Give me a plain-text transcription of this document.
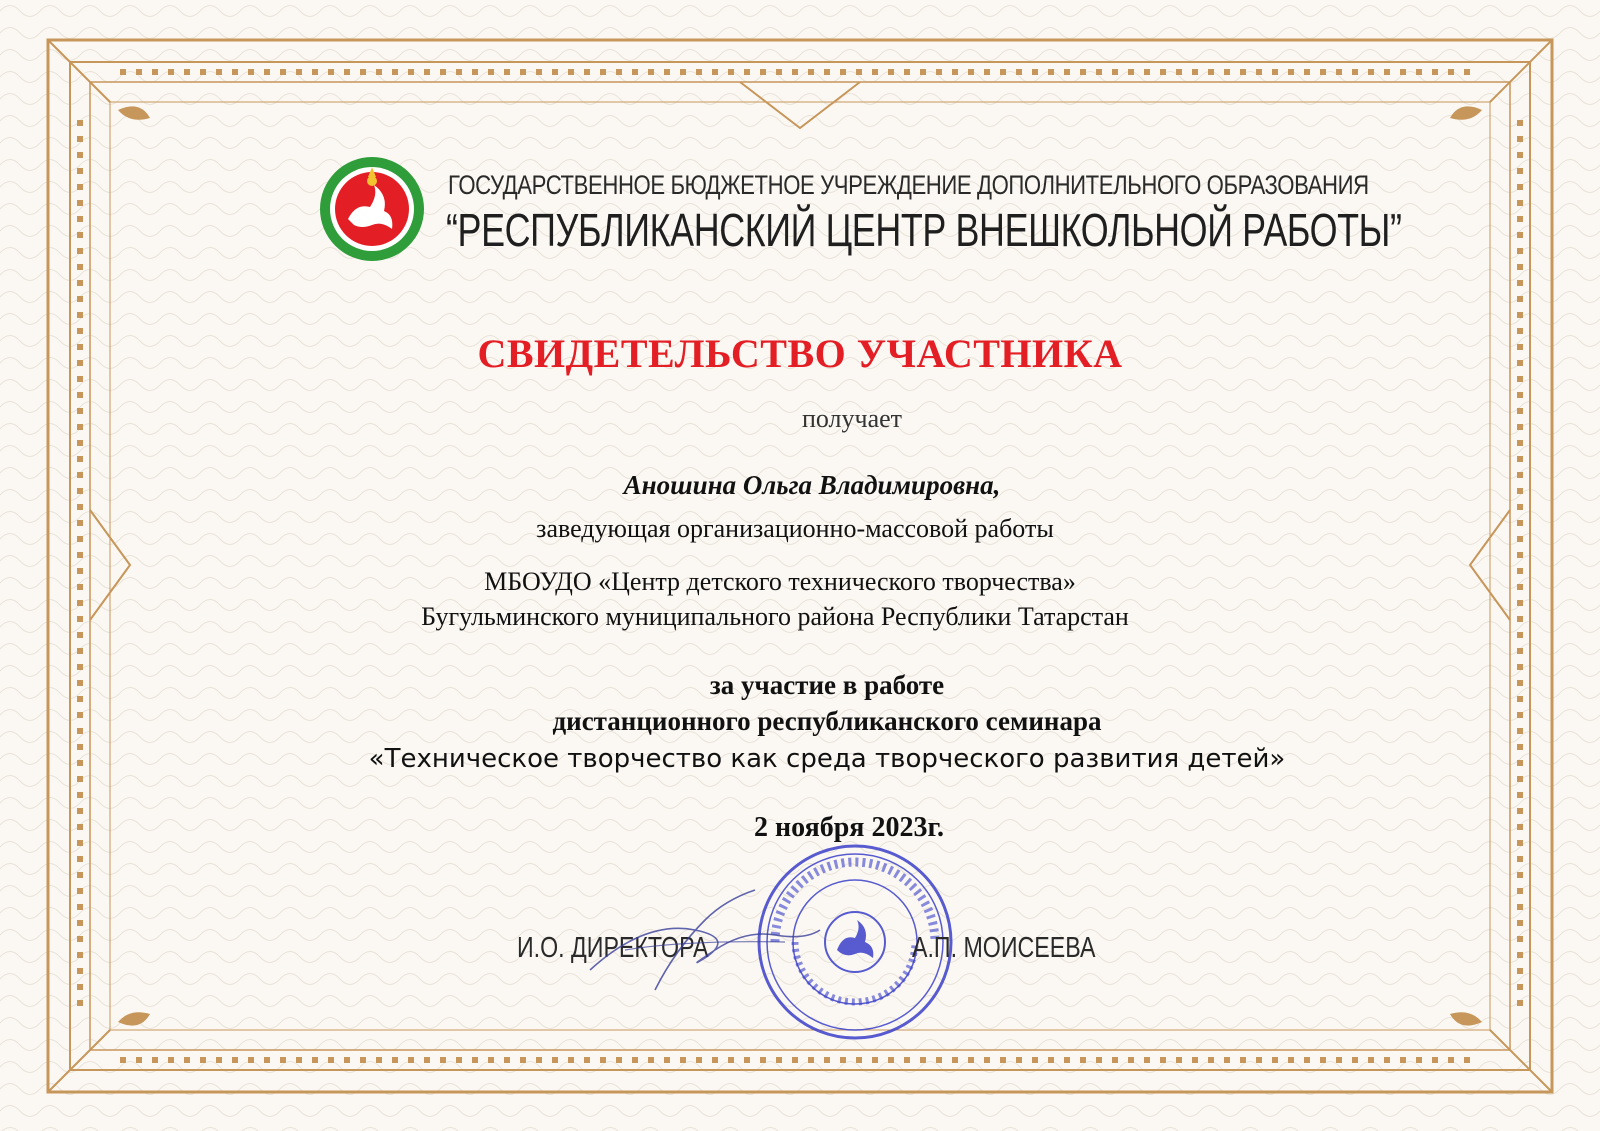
ГОСУДАРСТВЕННОЕ БЮДЖЕТНОЕ УЧРЕЖДЕНИЕ ДОПОЛНИТЕЛЬНОГО ОБРАЗОВАНИЯ
“РЕСПУБЛИКАНСКИЙ ЦЕНТР ВНЕШКОЛЬНОЙ РАБОТЫ”
СВИДЕТЕЛЬСТВО УЧАСТНИКА
получает
Аношина Ольга Владимировна,
заведующая организационно-массовой работы
МБОУДО «Центр детского технического творчества»
Бугульминского муниципального района Республики Татарстан
за участие в работе
дистанционного республиканского семинара
«Техническое творчество как среда творческого развития детей»
2 ноября 2023г.
И.О. ДИРЕКТОРА	А.П. МОИСЕЕВА
